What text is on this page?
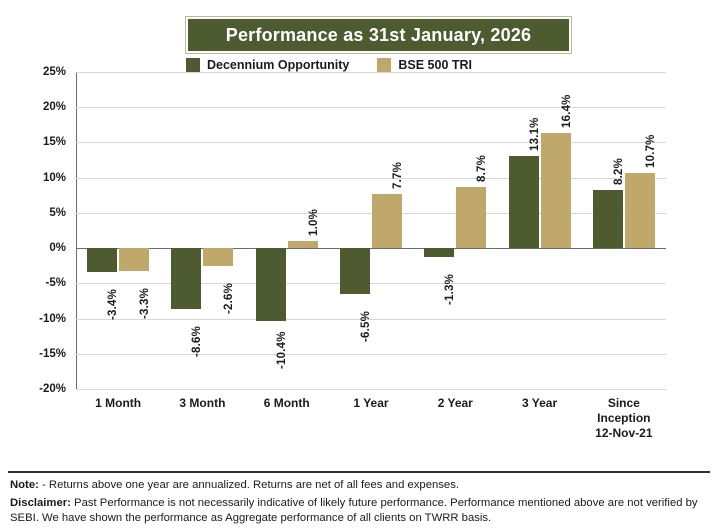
Performance as 31st January, 2026
Decennium Opportunity	BSE 500 TRI
25%
20%
15%
10%
5%
0%
-5%
-10%
-15%
-20%
-3.4% -3.3%
-8.6%
-2.6%
-10.4%
1.0%
-6.5%
7.7%
-1.3%
8.7%
13.1%
16.4%
8.2%
10.7%
1 Month	3 Month	6 Month	1 Year	2 Year	3 Year	Since
Inception
12-Nov-21
Note: - Returns above one year are annualized. Returns are net of all fees and expenses.
Disclaimer: Past Performance is not necessarily indicative of likely future performance. Performance mentioned above are not verified by SEBI. We have shown the performance as Aggregate performance of all clients on TWRR basis.
